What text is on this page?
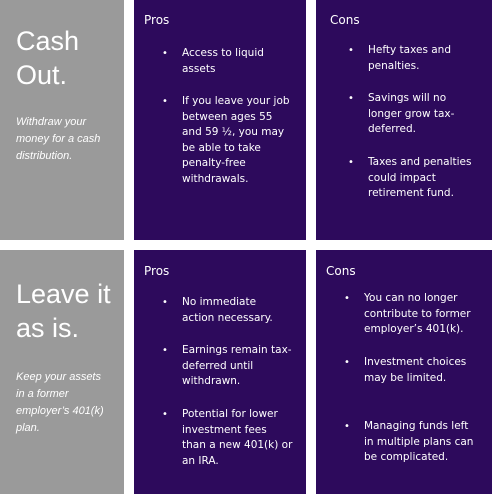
Cash
Out.
Withdraw your
money for a cash
distribution.
Pros
• Access to liquid
assets
• If you leave your job
between ages 55
and 59 ½, you may
be able to take
penalty-free
withdrawals.
Cons
• Hefty taxes and
penalties.
• Savings will no
longer grow tax-
deferred.
• Taxes and penalties
could impact
retirement fund.
Leave it
as is.
Keep your assets
in a former
employer’s 401(k)
plan.
Pros
• No immediate
action necessary.
• Earnings remain tax-
deferred until
withdrawn.
• Potential for lower
investment fees
than a new 401(k) or
an IRA.
Cons
• You can no longer
contribute to former
employer’s 401(k).
• Investment choices
may be limited.
• Managing funds left
in multiple plans can
be complicated.
